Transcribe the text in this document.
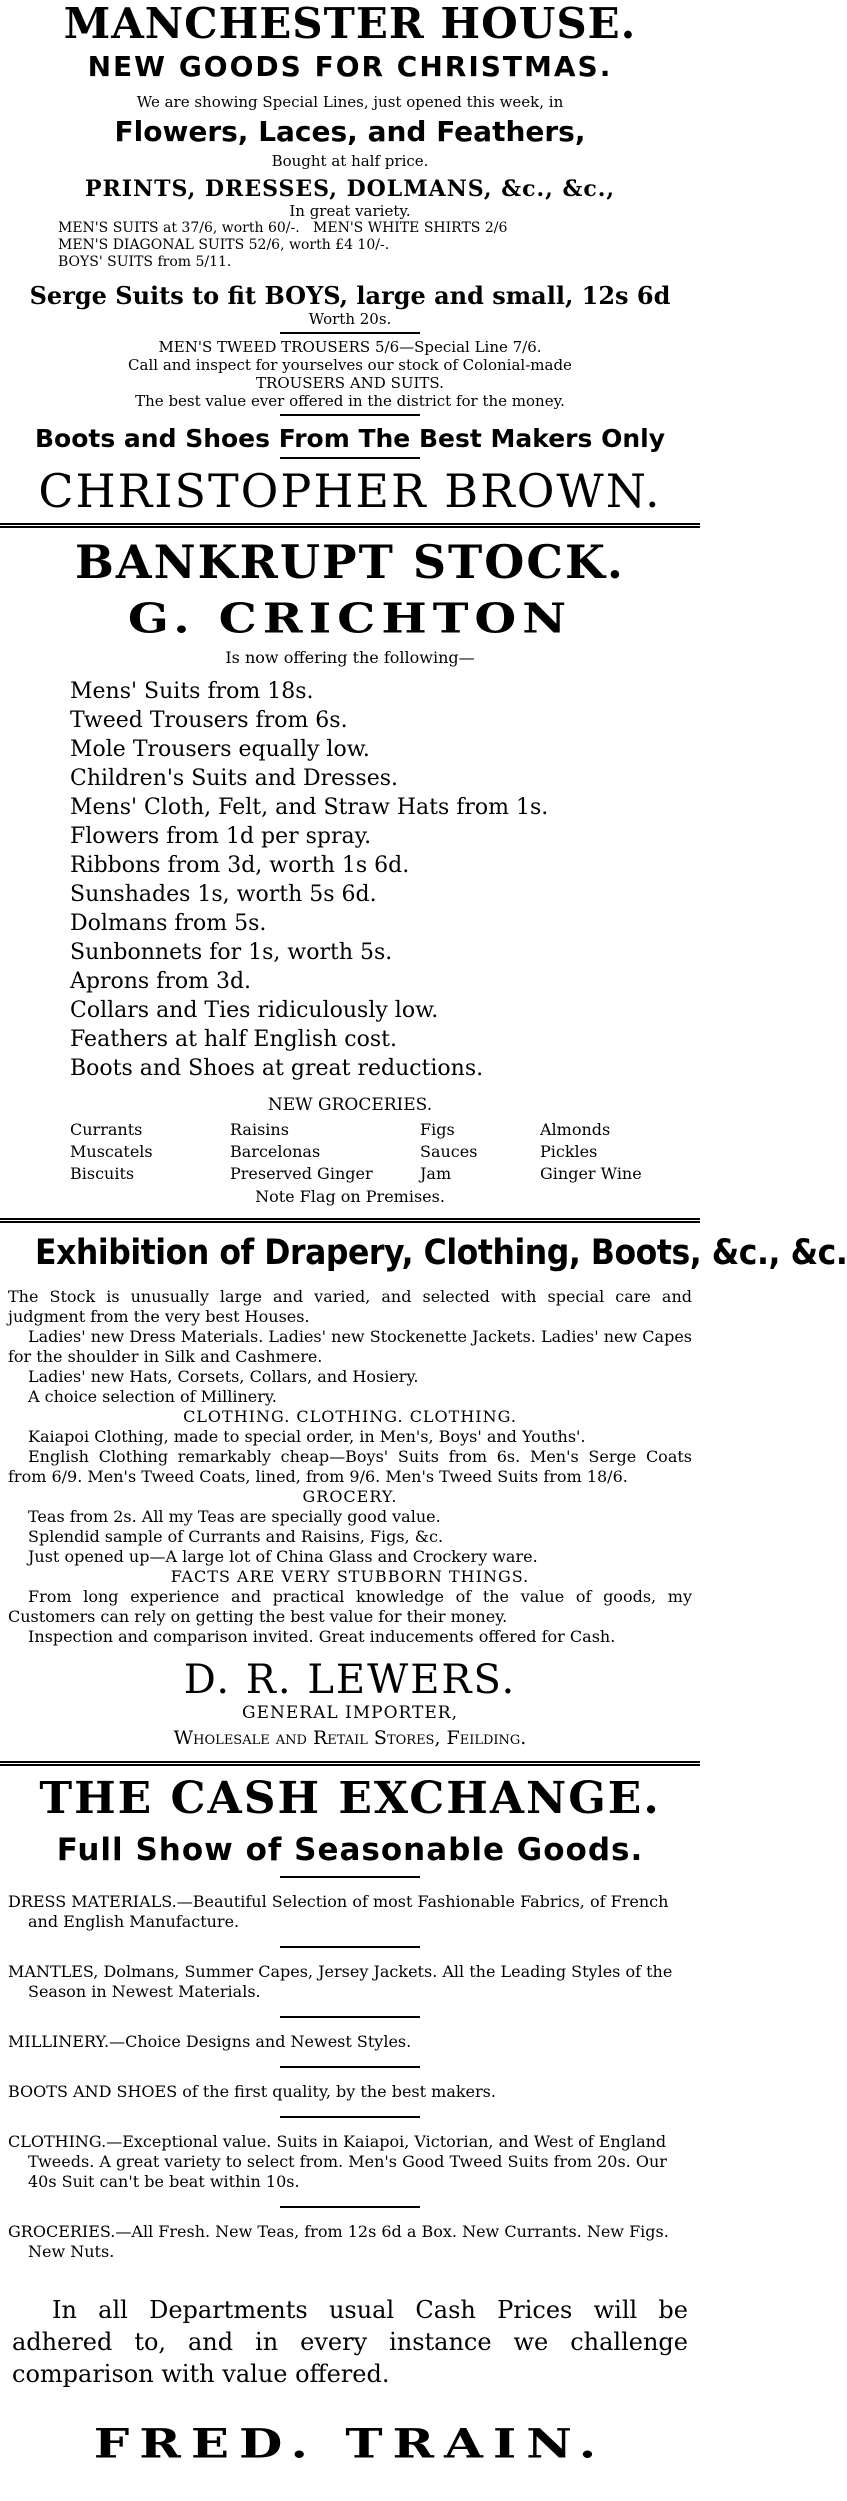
MANCHESTER HOUSE.

NEW GOODS FOR CHRISTMAS.

We are showing Special Lines, just opened this week, in

Flowers, Laces, and Feathers,

Bought at half price.

PRINTS, DRESSES, DOLMANS, &c., &c.,

In great variety.

MEN'S SUITS at 37/6, worth 60/-.   MEN'S WHITE SHIRTS 2/6
MEN'S DIAGONAL SUITS 52/6, worth £4 10/-.
BOYS' SUITS from 5/11.

Serge Suits to fit BOYS, large and small, 12s 6d

Worth 20s.

MEN'S TWEED TROUSERS 5/6—Special Line 7/6.

Call and inspect for yourselves our stock of Colonial-made

TROUSERS AND SUITS.

The best value ever offered in the district for the money.

Boots and Shoes From The Best Makers Only

CHRISTOPHER BROWN.

BANKRUPT STOCK.

G. CRICHTON

Is now offering the following—

Mens' Suits from 18s.
Tweed Trousers from 6s.
Mole Trousers equally low.
Children's Suits and Dresses.
Mens' Cloth, Felt, and Straw Hats from 1s.
Flowers from 1d per spray.
Ribbons from 3d, worth 1s 6d.
Sunshades 1s, worth 5s 6d.
Dolmans from 5s.
Sunbonnets for 1s, worth 5s.
Aprons from 3d.
Collars and Ties ridiculously low.
Feathers at half English cost.
Boots and Shoes at great reductions.

NEW GROCERIES.

Currants	Raisins	Figs	Almonds
Muscatels	Barcelonas	Sauces	Pickles
Biscuits	Preserved Ginger	Jam	Ginger Wine

Note Flag on Premises.

Exhibition of Drapery, Clothing, Boots, &c., &c.

The Stock is unusually large and varied, and selected with special care and judgment from the very best Houses.

Ladies' new Dress Materials. Ladies' new Stockenette Jackets. Ladies' new Capes for the shoulder in Silk and Cashmere.

Ladies' new Hats, Corsets, Collars, and Hosiery.

A choice selection of Millinery.

CLOTHING. CLOTHING. CLOTHING.

Kaiapoi Clothing, made to special order, in Men's, Boys' and Youths'.

English Clothing remarkably cheap—Boys' Suits from 6s. Men's Serge Coats from 6/9. Men's Tweed Coats, lined, from 9/6. Men's Tweed Suits from 18/6.

GROCERY.

Teas from 2s. All my Teas are specially good value.

Splendid sample of Currants and Raisins, Figs, &c.

Just opened up—A large lot of China Glass and Crockery ware.

FACTS ARE VERY STUBBORN THINGS.

From long experience and practical knowledge of the value of goods, my Customers can rely on getting the best value for their money.

Inspection and comparison invited. Great inducements offered for Cash.

D. R. LEWERS.

GENERAL IMPORTER,

Wholesale and Retail Stores, Feilding.

THE CASH EXCHANGE.

Full Show of Seasonable Goods.

DRESS MATERIALS.—Beautiful Selection of most Fashionable Fabrics, of French and English Manufacture.

MANTLES, Dolmans, Summer Capes, Jersey Jackets. All the Leading Styles of the Season in Newest Materials.

MILLINERY.—Choice Designs and Newest Styles.

BOOTS AND SHOES of the first quality, by the best makers.

CLOTHING.—Exceptional value. Suits in Kaiapoi, Victorian, and West of England Tweeds. A great variety to select from. Men's Good Tweed Suits from 20s. Our 40s Suit can't be beat within 10s.

GROCERIES.—All Fresh. New Teas, from 12s 6d a Box. New Currants. New Figs. New Nuts.

In all Departments usual Cash Prices will be adhered to, and in every instance we challenge comparison with value offered.

FRED. TRAIN.
